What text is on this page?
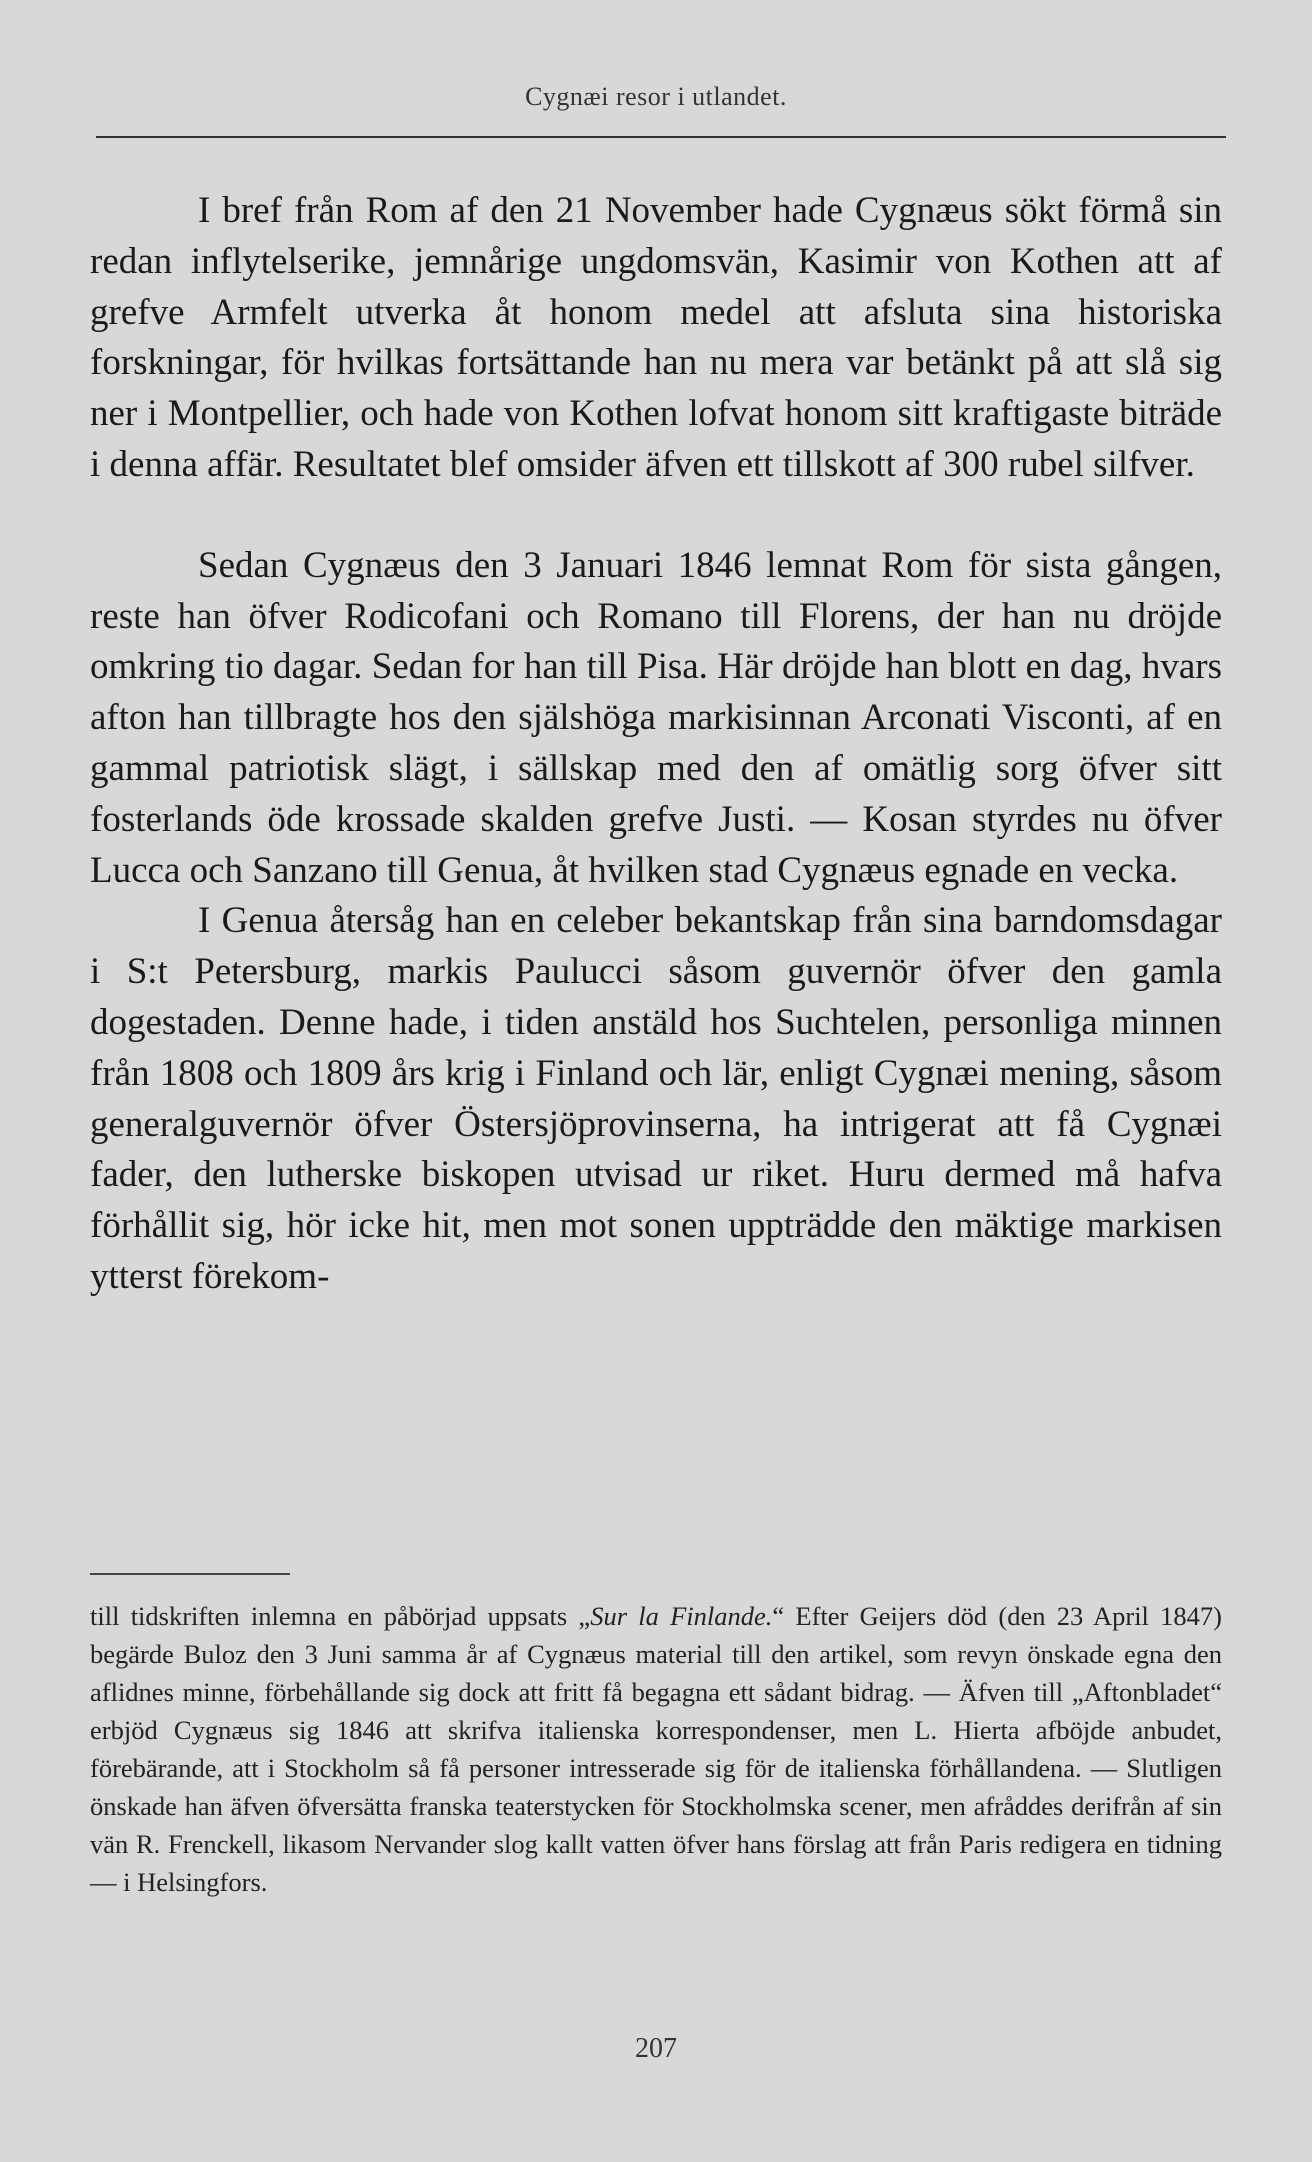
Cygnæi resor i utlandet.

I bref från Rom af den 21 November hade Cygnæus sökt förmå sin redan inflytelserike, jemnårige ungdomsvän, Kasimir von Kothen att af grefve Armfelt utverka åt honom medel att afsluta sina historiska forskningar, för hvilkas fortsättande han nu mera var betänkt på att slå sig ner i Montpellier, och hade von Kothen lofvat honom sitt kraftigaste biträde i denna affär. Resultatet blef omsider äfven ett tillskott af 300 rubel silfver.

Sedan Cygnæus den 3 Januari 1846 lemnat Rom för sista gången, reste han öfver Rodicofani och Romano till Florens, der han nu dröjde omkring tio dagar. Sedan for han till Pisa. Här dröjde han blott en dag, hvars afton han tillbragte hos den själshöga markisinnan Arconati Visconti, af en gammal patriotisk slägt, i sällskap med den af omätlig sorg öfver sitt fosterlands öde krossade skalden grefve Justi. — Kosan styrdes nu öfver Lucca och Sanzano till Genua, åt hvilken stad Cygnæus egnade en vecka.

I Genua återsåg han en celeber bekantskap från sina barndomsdagar i S:t Petersburg, markis Paulucci såsom guvernör öfver den gamla dogestaden. Denne hade, i tiden anstäld hos Suchtelen, personliga minnen från 1808 och 1809 års krig i Finland och lär, enligt Cygnæi mening, såsom generalguvernör öfver Östersjöprovinserna, ha intrigerat att få Cygnæi fader, den lutherske biskopen utvisad ur riket. Huru dermed må hafva förhållit sig, hör icke hit, men mot sonen uppträdde den mäktige markisen ytterst förekom-

till tidskriften inlemna en påbörjad uppsats „Sur la Finlande.“ Efter Geijers död (den 23 April 1847) begärde Buloz den 3 Juni samma år af Cygnæus material till den artikel, som revyn önskade egna den aflidnes minne, förbehållande sig dock att fritt få begagna ett sådant bidrag. — Äfven till „Aftonbladet“ erbjöd Cygnæus sig 1846 att skrifva italienska korrespondenser, men L. Hierta afböjde anbudet, förebärande, att i Stockholm så få personer intresserade sig för de italienska förhållandena. — Slutligen önskade han äfven öfversätta franska teaterstycken för Stockholmska scener, men afråddes derifrån af sin vän R. Frenckell, likasom Nervander slog kallt vatten öfver hans förslag att från Paris redigera en tidning — i Helsingfors.

207
